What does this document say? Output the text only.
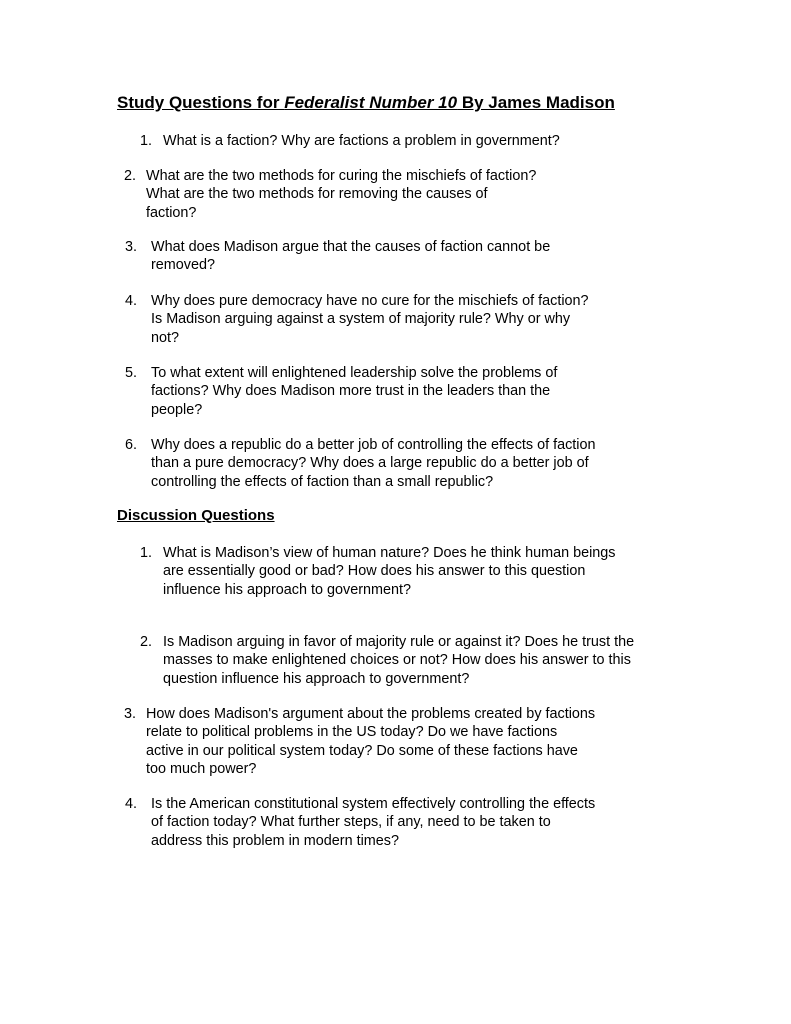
Study Questions for Federalist Number 10 By James Madison
1. What is a faction? Why are factions a problem in government?
2. What are the two methods for curing the mischiefs of faction?
What are the two methods for removing the causes of
faction?
3. What does Madison argue that the causes of faction cannot be
removed?
4. Why does pure democracy have no cure for the mischiefs of faction?
Is Madison arguing against a system of majority rule? Why or why
not?
5. To what extent will enlightened leadership solve the problems of
factions? Why does Madison more trust in the leaders than the
people?
6. Why does a republic do a better job of controlling the effects of faction
than a pure democracy? Why does a large republic do a better job of
controlling the effects of faction than a small republic?
Discussion Questions
1. What is Madison’s view of human nature? Does he think human beings
are essentially good or bad? How does his answer to this question
influence his approach to government?
2. Is Madison arguing in favor of majority rule or against it? Does he trust the
masses to make enlightened choices or not? How does his answer to this
question influence his approach to government?
3. How does Madison's argument about the problems created by factions
relate to political problems in the US today? Do we have factions
active in our political system today? Do some of these factions have
too much power?
4. Is the American constitutional system effectively controlling the effects
of faction today? What further steps, if any, need to be taken to
address this problem in modern times?
